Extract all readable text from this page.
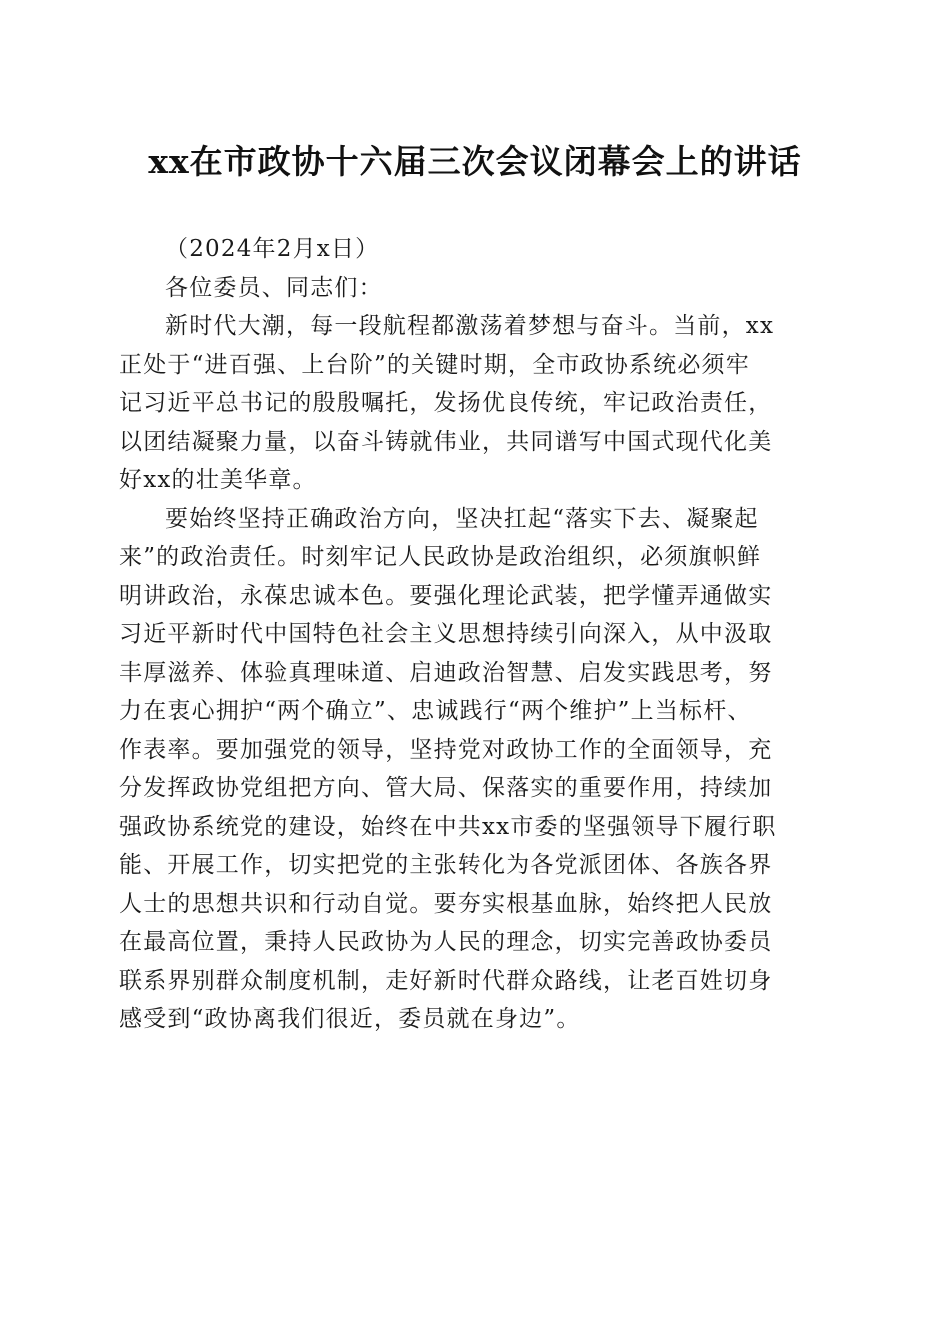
xx在市政协十六届三次会议闭幕会上的讲话

（2024年2月x日）

各位委员、同志们：

新时代大潮，每一段航程都激荡着梦想与奋斗。当前，xx
正处于“进百强、上台阶”的关键时期，全市政协系统必须牢
记习近平总书记的殷殷嘱托，发扬优良传统，牢记政治责任，
以团结凝聚力量，以奋斗铸就伟业，共同谱写中国式现代化美
好xx的壮美华章。

要始终坚持正确政治方向，坚决扛起“落实下去、凝聚起
来”的政治责任。时刻牢记人民政协是政治组织，必须旗帜鲜
明讲政治，永葆忠诚本色。要强化理论武装，把学懂弄通做实
习近平新时代中国特色社会主义思想持续引向深入，从中汲取
丰厚滋养、体验真理味道、启迪政治智慧、启发实践思考，努
力在衷心拥护“两个确立”、忠诚践行“两个维护”上当标杆、
作表率。要加强党的领导，坚持党对政协工作的全面领导，充
分发挥政协党组把方向、管大局、保落实的重要作用，持续加
强政协系统党的建设，始终在中共xx市委的坚强领导下履行职
能、开展工作，切实把党的主张转化为各党派团体、各族各界
人士的思想共识和行动自觉。要夯实根基血脉，始终把人民放
在最高位置，秉持人民政协为人民的理念，切实完善政协委员
联系界别群众制度机制，走好新时代群众路线，让老百姓切身
感受到“政协离我们很近，委员就在身边”。
